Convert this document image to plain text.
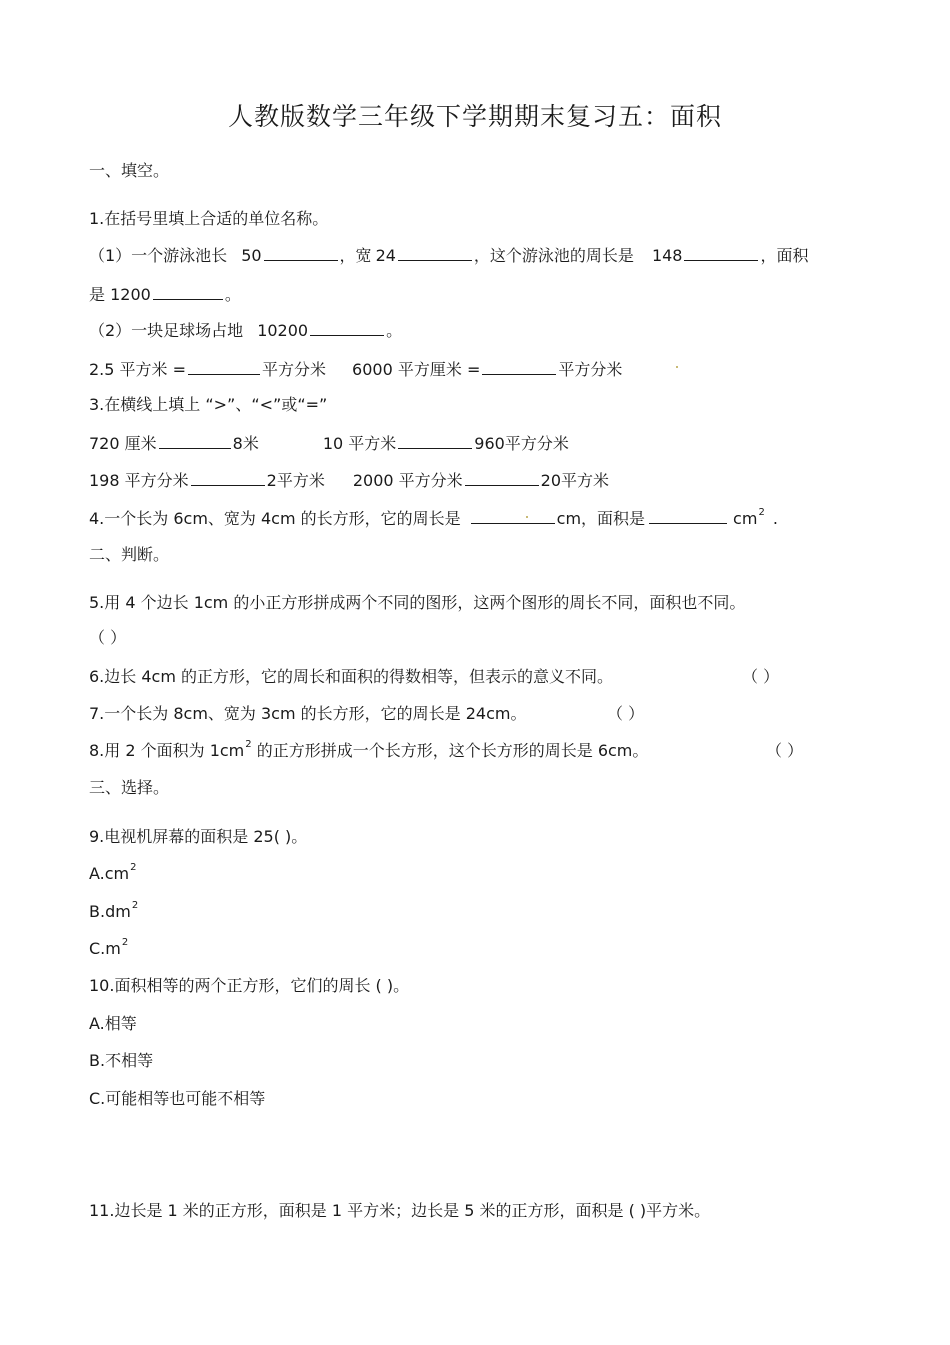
人教版数学三年级下学期期末复习五：面积
一、填空。
1.在括号里填上合适的单位名称。
（1）一个游泳池长 50	，宽 24	，这个游泳池的周长是 148	，面积
是 1200	。
（2）一块足球场占地 10200	。
2.5 平方米 =	平方分米 6000 平方厘米 =	平方分米
3.在横线上填上 “>”、“<”或“=”
720 厘米	8米	10 平方米	960平方分米
198 平方分米	2平方米 2000 平方分米	20平方米
4.一个长为 6cm、宽为 4cm 的长方形，它的周长是	cm，面积是	$cm^2$ .
二、判断。
5.用 4 个边长 1cm 的小正方形拼成两个不同的图形，这两个图形的周长不同，面积也不同。
（ ）
6.边长 4cm 的正方形，它的周长和面积的得数相等，但表示的意义不同。	（ ）
7.一个长为 8cm、宽为 3cm 的长方形，它的周长是 24cm。	（ ）
8.用 2 个面积为 $1cm^2$ 的正方形拼成一个长方形，这个长方形的周长是 6cm。	（ ）
三、选择。
9.电视机屏幕的面积是 25( )。
$A.cm^2$
$B.dm^2$
$C.m^2$
10.面积相等的两个正方形，它们的周长 ( )。
A.相等
B.不相等
C.可能相等也可能不相等
11.边长是 1 米的正方形，面积是 1 平方米；边长是 5 米的正方形，面积是 ( )平方米。
